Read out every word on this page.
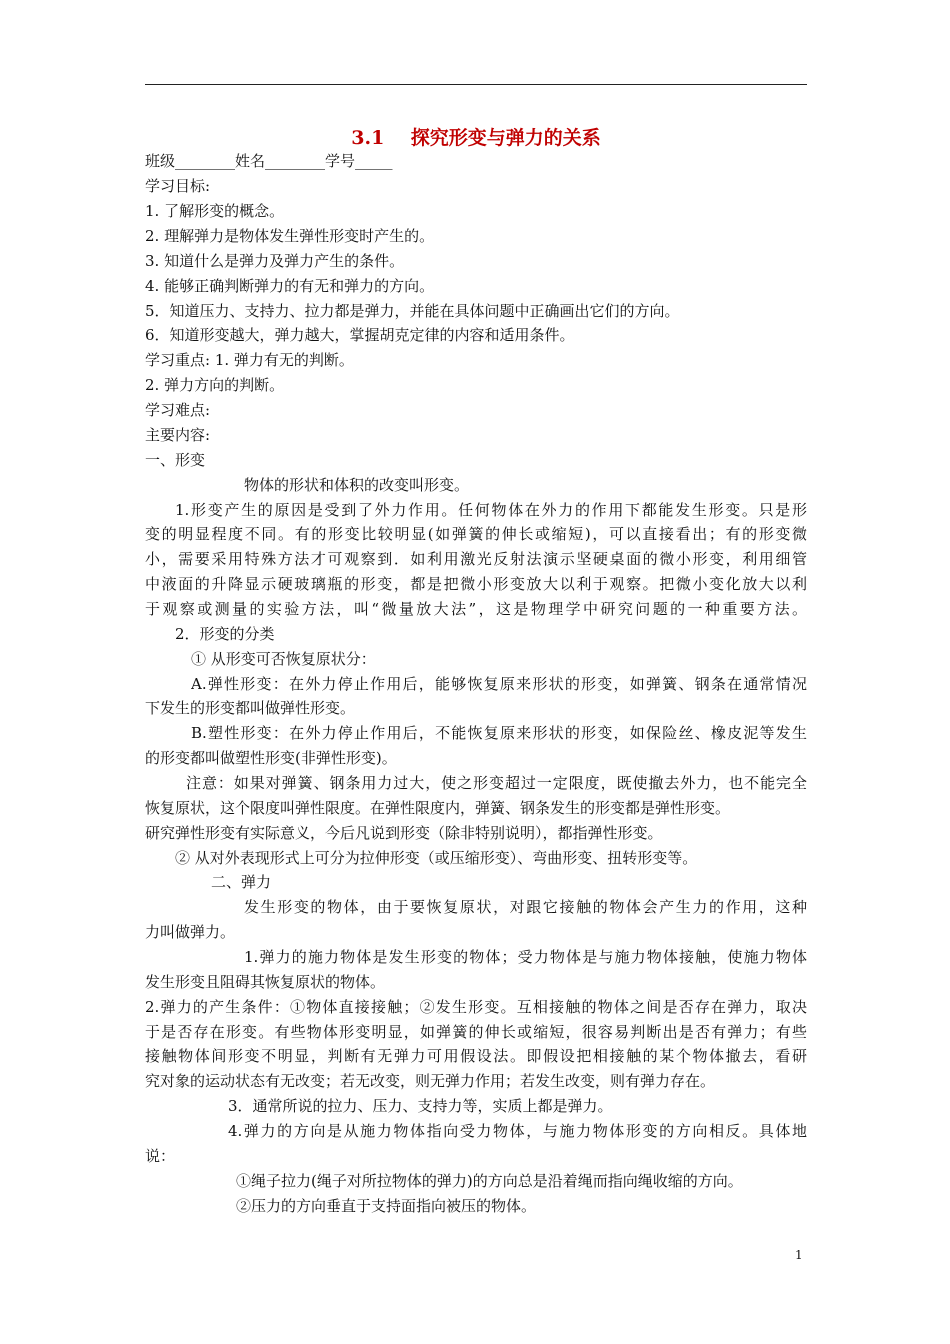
3.1    探究形变与弹力的关系
班级________姓名________学号_____
学习目标:
1. 了解形变的概念。
2. 理解弹力是物体发生弹性形变时产生的。
3. 知道什么是弹力及弹力产生的条件。
4. 能够正确判断弹力的有无和弹力的方向。
5．知道压力、支持力、拉力都是弹力，并能在具体问题中正确画出它们的方向。
6．知道形变越大，弹力越大，掌握胡克定律的内容和适用条件。
学习重点: 1. 弹力有无的判断。
2. 弹力方向的判断。
学习难点:
主要内容:
一、形变
物体的形状和体积的改变叫形变。
1.形变产生的原因是受到了外力作用。任何物体在外力的作用下都能发生形变。只是形
变的明显程度不同。有的形变比较明显(如弹簧的伸长或缩短)，可以直接看出；有的形变微
小，需要采用特殊方法才可观察到．如利用激光反射法演示坚硬桌面的微小形变，利用细管
中液面的升降显示硬玻璃瓶的形变，都是把微小形变放大以利于观察。把微小变化放大以利
于观察或测量的实验方法，叫“微量放大法”，这是物理学中研究问题的一种重要方法。
2．形变的分类
① 从形变可否恢复原状分：
A.弹性形变：在外力停止作用后，能够恢复原来形状的形变，如弹簧、钢条在通常情况
下发生的形变都叫做弹性形变。
B.塑性形变：在外力停止作用后，不能恢复原来形状的形变，如保险丝、橡皮泥等发生
的形变都叫做塑性形变(非弹性形变)。
注意：如果对弹簧、钢条用力过大，使之形变超过一定限度，既使撤去外力，也不能完全
恢复原状，这个限度叫弹性限度。在弹性限度内，弹簧、钢条发生的形变都是弹性形变。
研究弹性形变有实际意义，今后凡说到形变（除非特别说明），都指弹性形变。
② 从对外表现形式上可分为拉伸形变（或压缩形变）、弯曲形变、扭转形变等。
二、弹力
发生形变的物体，由于要恢复原状，对跟它接触的物体会产生力的作用，这种
力叫做弹力。
1.弹力的施力物体是发生形变的物体；受力物体是与施力物体接触，使施力物体
发生形变且阻碍其恢复原状的物体。
2.弹力的产生条件：①物体直接接触；②发生形变。互相接触的物体之间是否存在弹力，取决
于是否存在形变。有些物体形变明显，如弹簧的伸长或缩短，很容易判断出是否有弹力；有些
接触物体间形变不明显，判断有无弹力可用假设法。即假设把相接触的某个物体撤去，看研
究对象的运动状态有无改变；若无改变，则无弹力作用；若发生改变，则有弹力存在。
3．通常所说的拉力、压力、支持力等，实质上都是弹力。
4.弹力的方向是从施力物体指向受力物体，与施力物体形变的方向相反。具体地
说：
①绳子拉力(绳子对所拉物体的弹力)的方向总是沿着绳而指向绳收缩的方向。
②压力的方向垂直于支持面指向被压的物体。
1
